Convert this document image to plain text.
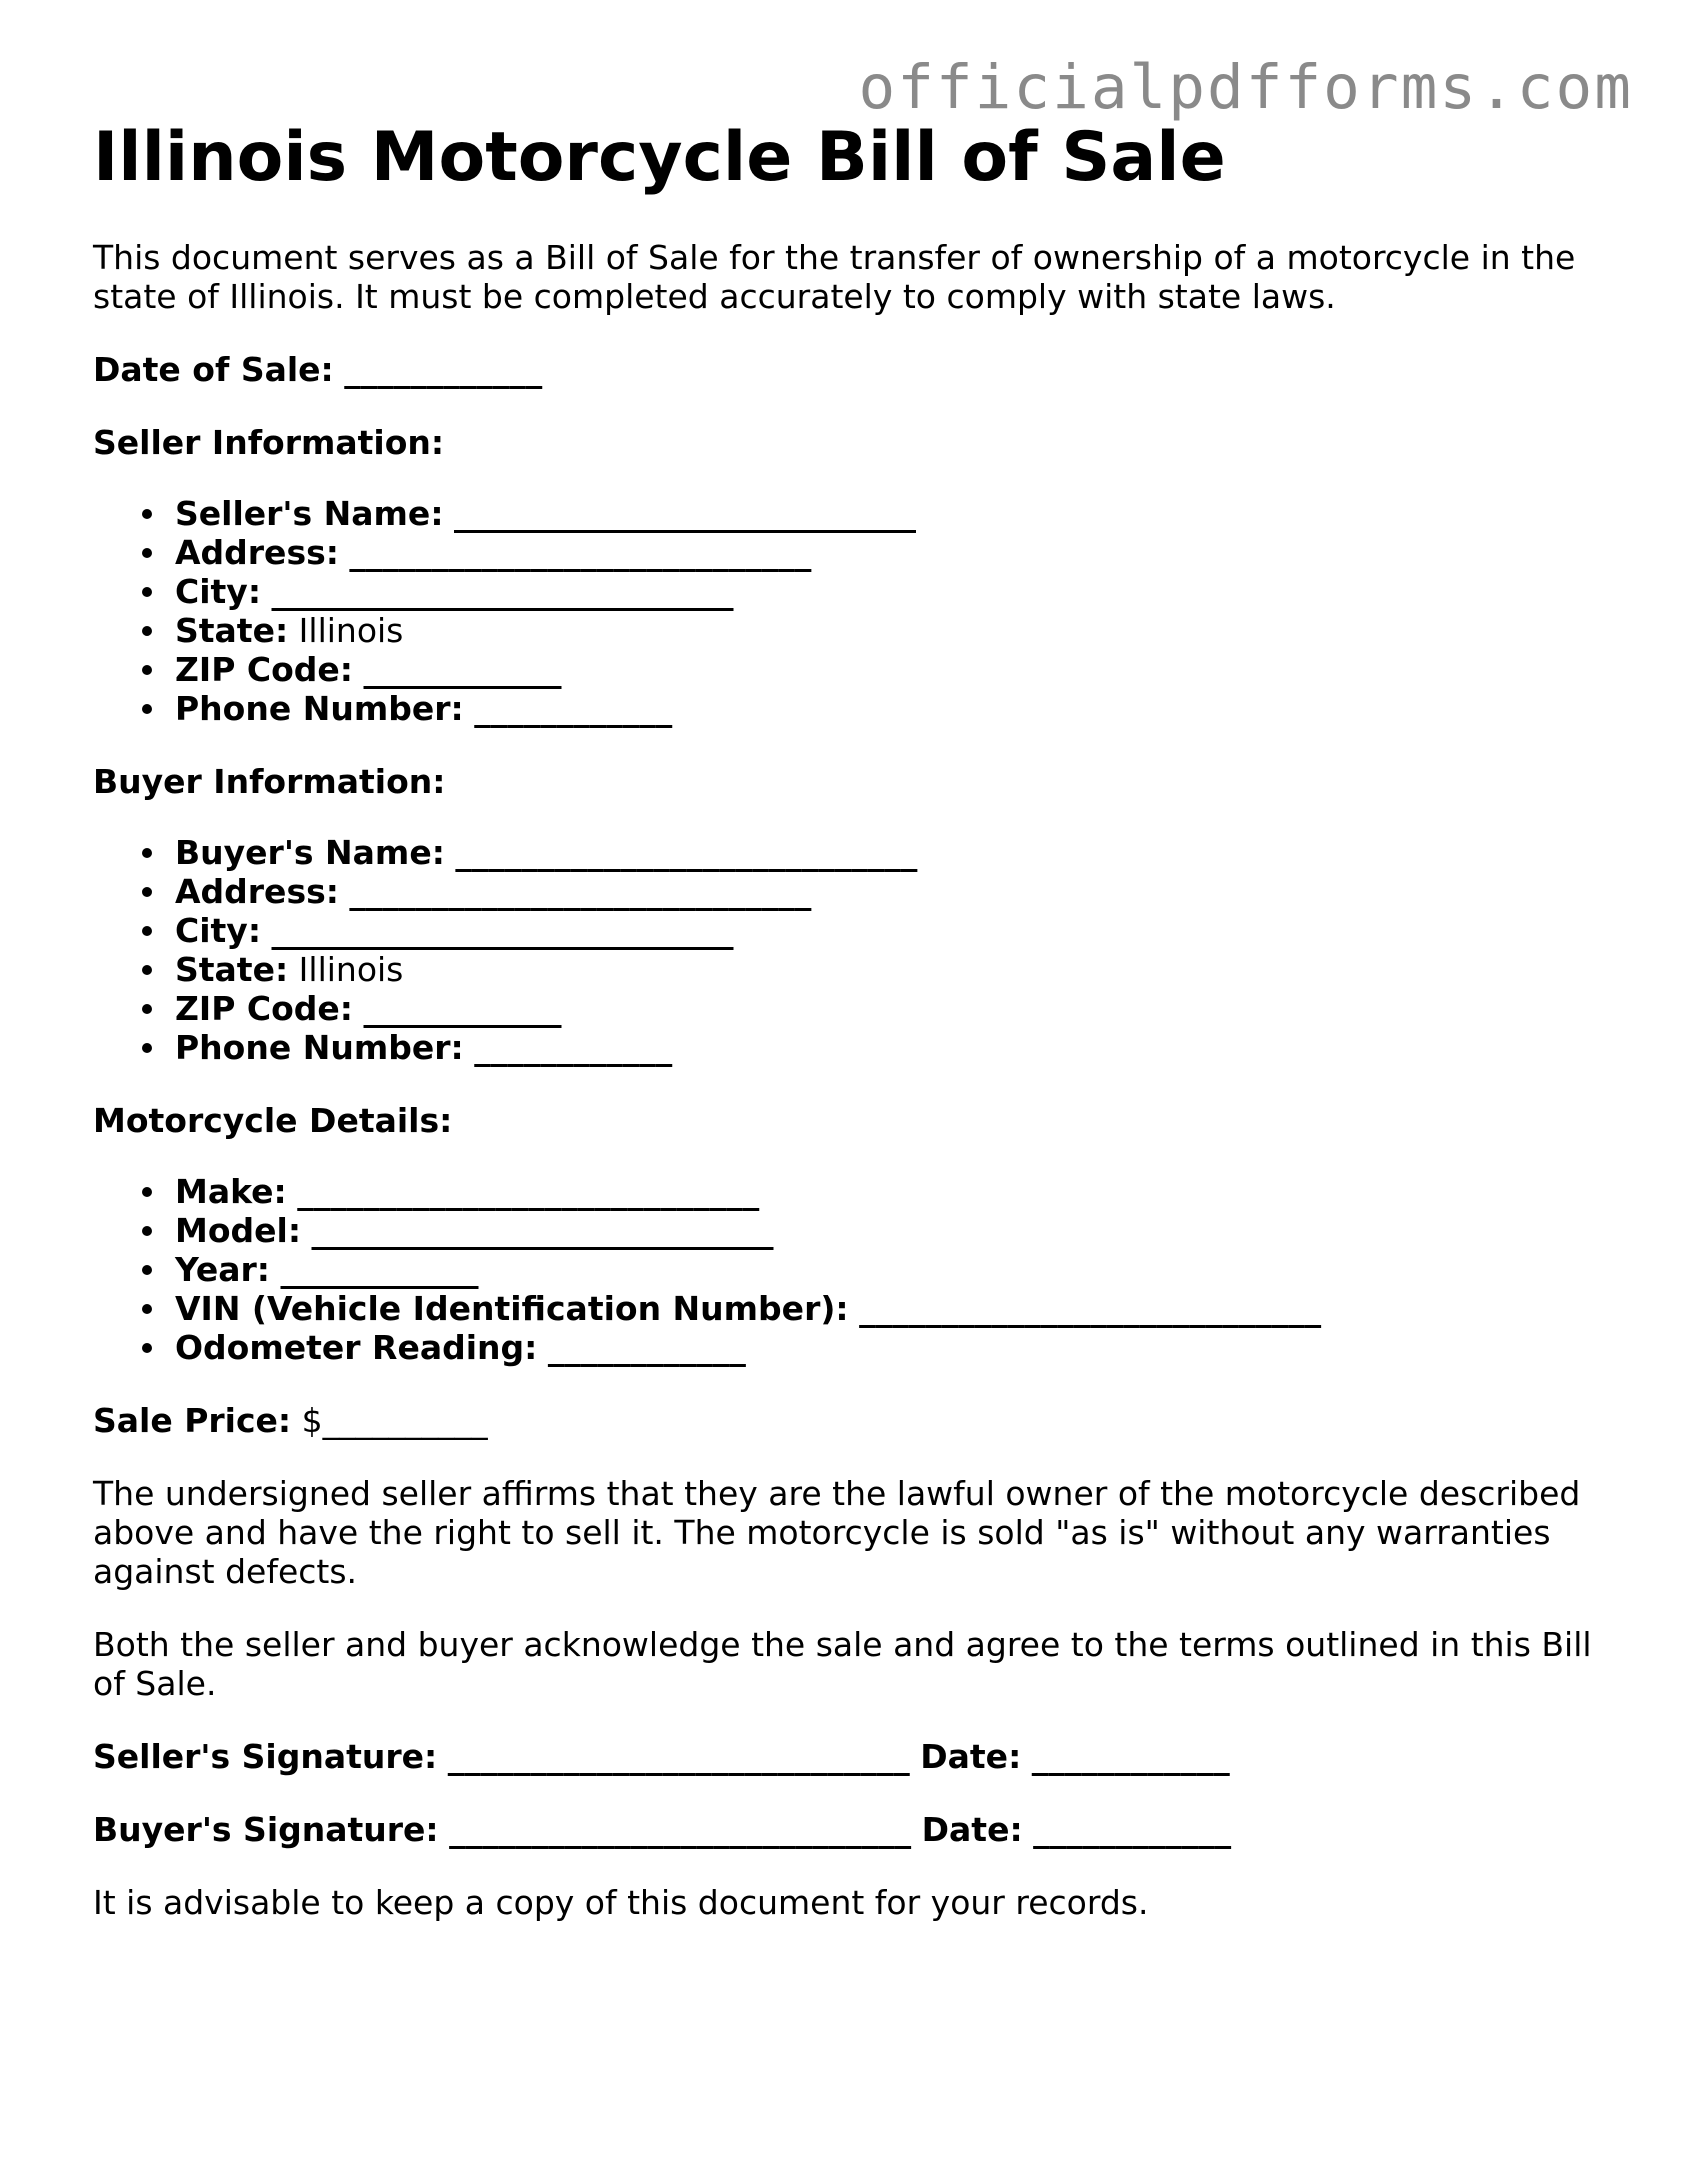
officialpdfforms.com
Illinois Motorcycle Bill of Sale

This document serves as a Bill of Sale for the transfer of ownership of a motorcycle in the state of Illinois. It must be completed accurately to comply with state laws.

Date of Sale: ____________

Seller Information:

Seller's Name: ____________________________
Address: ____________________________
City: ____________________________
State: Illinois
ZIP Code: ____________
Phone Number: ____________

Buyer Information:

Buyer's Name: ____________________________
Address: ____________________________
City: ____________________________
State: Illinois
ZIP Code: ____________
Phone Number: ____________

Motorcycle Details:

Make: ____________________________
Model: ____________________________
Year: ____________
VIN (Vehicle Identification Number): ____________________________
Odometer Reading: ____________

Sale Price: $__________

The undersigned seller affirms that they are the lawful owner of the motorcycle described above and have the right to sell it. The motorcycle is sold "as is" without any warranties against defects.

Both the seller and buyer acknowledge the sale and agree to the terms outlined in this Bill of Sale.

Seller's Signature: ____________________________ Date: ____________

Buyer's Signature: ____________________________ Date: ____________

It is advisable to keep a copy of this document for your records.
